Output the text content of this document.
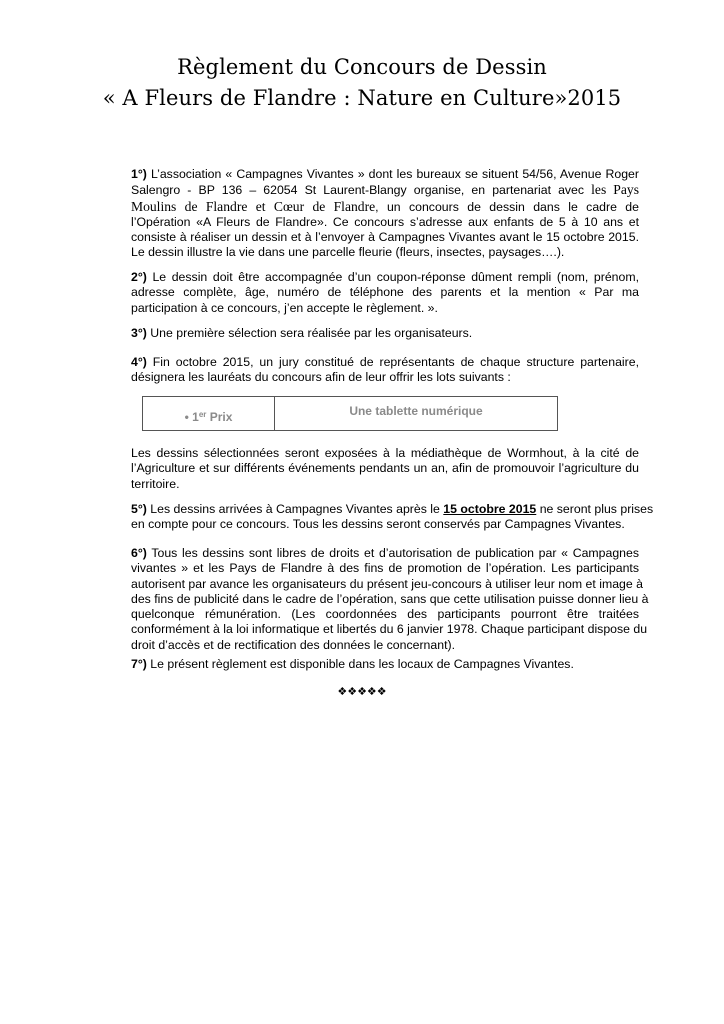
Règlement du Concours de Dessin
« A Fleurs de Flandre : Nature en Culture»2015
1°) L’association « Campagnes Vivantes » dont les bureaux se situent 54/56, Avenue Roger
Salengro - BP 136 – 62054 St Laurent-Blangy organise, en partenariat avec les Pays
Moulins de Flandre et Cœur de Flandre, un concours de dessin dans le cadre de
l’Opération «A Fleurs de Flandre». Ce concours s’adresse aux enfants de 5 à 10 ans et
consiste à réaliser un dessin et à l’envoyer à Campagnes Vivantes avant le 15 octobre 2015.
Le dessin illustre la vie dans une parcelle fleurie (fleurs, insectes, paysages….).
2°) Le dessin doit être accompagnée d’un coupon-réponse dûment rempli (nom, prénom,
adresse complète, âge, numéro de téléphone des parents et la mention « Par ma
participation à ce concours, j’en accepte le règlement. ».
3°) Une première sélection sera réalisée par les organisateurs.
4°) Fin octobre 2015, un jury constitué de représentants de chaque structure partenaire,
désignera les lauréats du concours afin de leur offrir les lots suivants :
• 1er Prix	Une tablette numérique
Les dessins sélectionnées seront exposées à la médiathèque de Wormhout, à la cité de
l’Agriculture et sur différents événements pendants un an, afin de promouvoir l’agriculture du
territoire.
5°) Les dessins arrivées à Campagnes Vivantes après le 15 octobre 2015 ne seront plus prises
en compte pour ce concours. Tous les dessins seront conservés par Campagnes Vivantes.
6°) Tous les dessins sont libres de droits et d’autorisation de publication par « Campagnes
vivantes » et les Pays de Flandre à des fins de promotion de l’opération. Les participants
autorisent par avance les organisateurs du présent jeu-concours à utiliser leur nom et image à
des fins de publicité dans le cadre de l’opération, sans que cette utilisation puisse donner lieu à
quelconque rémunération. (Les coordonnées des participants pourront être traitées
conformément à la loi informatique et libertés du 6 janvier 1978. Chaque participant dispose du
droit d’accès et de rectification des données le concernant).
7°) Le présent règlement est disponible dans les locaux de Campagnes Vivantes.
❖❖❖❖❖
